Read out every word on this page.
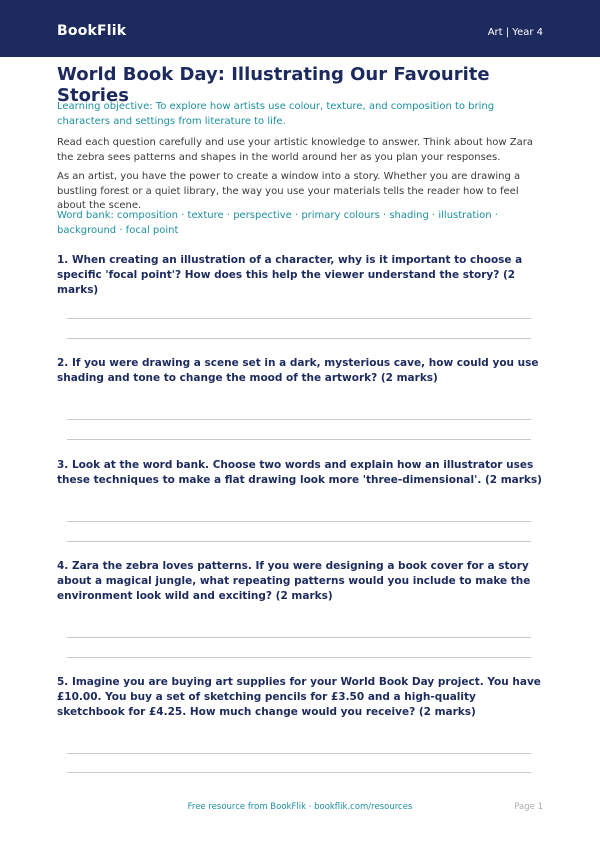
BookFlik	Art | Year 4
World Book Day: Illustrating Our Favourite Stories

Learning objective: To explore how artists use colour, texture, and composition to bring characters and settings from literature to life.

Read each question carefully and use your artistic knowledge to answer. Think about how Zara the zebra sees patterns and shapes in the world around her as you plan your responses.

As an artist, you have the power to create a window into a story. Whether you are drawing a bustling forest or a quiet library, the way you use your materials tells the reader how to feel about the scene.

Word bank: composition · texture · perspective · primary colours · shading · illustration · background · focal point

1. When creating an illustration of a character, why is it important to choose a specific 'focal point'? How does this help the viewer understand the story? (2 marks)

2. If you were drawing a scene set in a dark, mysterious cave, how could you use shading and tone to change the mood of the artwork? (2 marks)

3. Look at the word bank. Choose two words and explain how an illustrator uses these techniques to make a flat drawing look more 'three-dimensional'. (2 marks)

4. Zara the zebra loves patterns. If you were designing a book cover for a story about a magical jungle, what repeating patterns would you include to make the environment look wild and exciting? (2 marks)

5. Imagine you are buying art supplies for your World Book Day project. You have £10.00. You buy a set of sketching pencils for £3.50 and a high-quality sketchbook for £4.25. How much change would you receive? (2 marks)

Free resource from BookFlik · bookflik.com/resources	Page 1
